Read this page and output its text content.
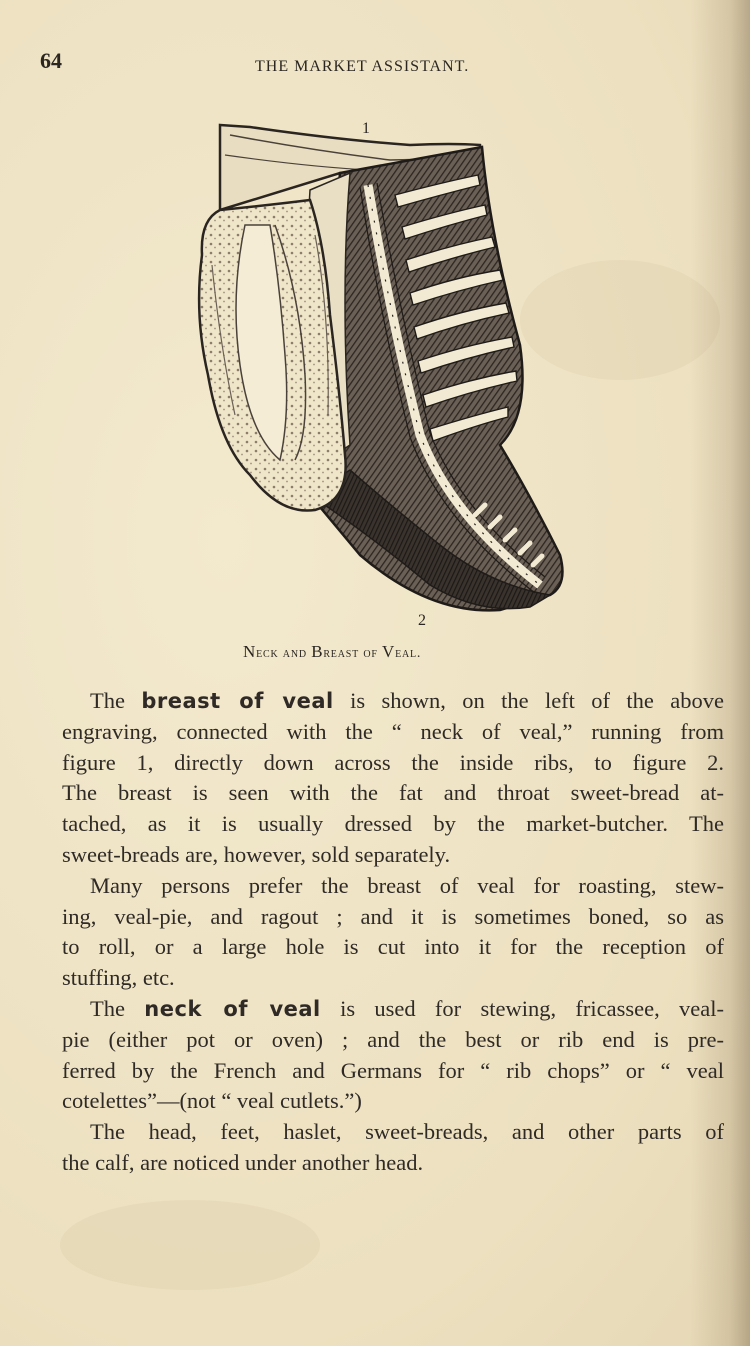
64	THE MARKET ASSISTANT.
1
2
Neck and Breast of Veal.
The breast of veal is shown, on the left of the above
engraving, connected with the “ neck of veal,” running from
figure 1, directly down across the inside ribs, to figure 2.
The breast is seen with the fat and throat sweet-bread at-
tached, as it is usually dressed by the market-butcher. The
sweet-breads are, however, sold separately.
Many persons prefer the breast of veal for roasting, stew-
ing, veal-pie, and ragout ; and it is sometimes boned, so as
to roll, or a large hole is cut into it for the reception of
stuffing, etc.
The neck of veal is used for stewing, fricassee, veal-
pie (either pot or oven) ; and the best or rib end is pre-
ferred by the French and Germans for “ rib chops” or “ veal
cotelettes”—(not “ veal cutlets.”)
The head, feet, haslet, sweet-breads, and other parts of
the calf, are noticed under another head.
